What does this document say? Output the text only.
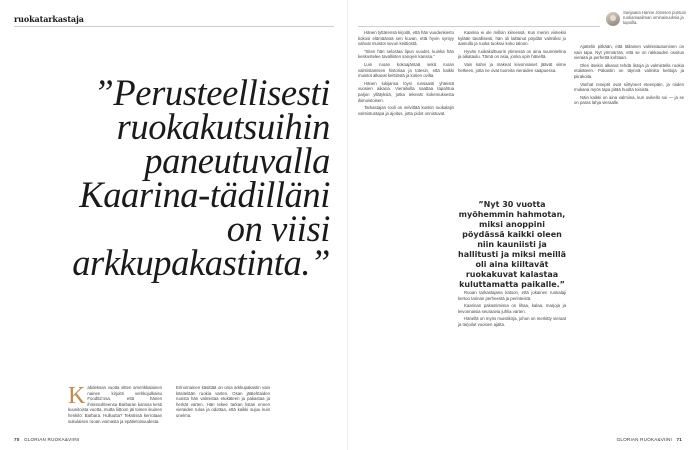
ruokatarkastaja
”Perusteellisesti ruokakutsuihin paneutuvalla Kaarina-tädilläni on viisi arkkupakastinta.”
K abdeksan vuotta sitten amerikkalainen nainen kirjoitti verkkojulkaisu Food52:ssa, että hänen ihmissuhteensa Barbaran kanssa kesti kuusitoista vuotta, mutta liittoon jäi toinen ikuinen henkilö: Barbara. Hulluutta? Tekstissä kerrotaan sukulaisen ruoan voimasta ja epätietoisuudesta.

Erinomainen käsittää on oma arkkupakastin vain käsitelään ruokia varten. Osan jäätehtaiden ruoista hän valmistaa etukäteen ja pakastaa ja herkät varten. Hän tekee tarkan listan ennen vieraiden tuloa ja odottaa, että kaikki sujuu kuin unelma.

70 GLORIAN RUOKA&VIINI
Sanjaana Hanne Jonsson puntuoi ruokamaailman ominaisuuksia ja tapoilla.

Hänen tyttärensä kirjoitti, että hän vuodenkierto kokosi elämäänsä sen kuvan, että hyvin syntyy vahvat muistot suvun keittiöstä.

”Siten hän selostaa lipun vuodet, kuinka hän keskustelee tavallisten sanojen kanssa.”

Luin ruoan kokoajäntaä sekä ruoan valmistamisen historiaa ja totesin, että kaikki muistot alkavat keittiöstä ja kotien ovilta.

Hänen lukijansa löysi runsaasti yhteistä vuosien aikana. Vierailuilla saattaa tapahtua paljon yllätyksiä, jotka tekevät kokemuksesta ikimuistoisen.

Tarkastajan rooli on selvittää kunkin ruokalajin valmistustapa ja ajoitus, jotta pidot onnistuvat.

”Nyt 30 vuotta myöhemmin hahmotan, miksi anoppini pöydässä kaikki oleen niin kauniisti ja hallitusti ja miksi meillä oli aina kiiltavät ruokakuvat kalastaa kuluttamatta paikalle.”

Kaarina ei ole milloin kiireessä. Kun menin viimeksi kylään tavallisesti, hän oli laittanut pöydän valmiiksi jo aamulla ja ruoka tuoksui koko taloon.

Hyvän ruokakulttuurin ytimessä on aina suunnitelma ja aikataulu. Tämä on asia, jonka opin häneltä.

Vain kahvi ja makeat leivonnaiset jäävät viime hetkeen, jotta ne ovat tuoreita vieraiden saapuessa.

Ruoan tarkastajana katson, että jokainen ruokalaji kertoo tarinan perheestä ja perinteistä.

Kaarinan pakastimissa on lihaa, kalaa, marjoja ja leivonnaisia seuraavia juhlia varten.

Hänellä on myös muistikirja, johon on merkitty vieraat ja tarjoilut vuosien ajalta.

Ajattelin pitkään, että tällainen valmistautuminen on vain tapa. Nyt ymmärrän, että se on rakkauden osoitus vieraita ja perhettä kohtaan.

Olen itsekin alkanut tehdä listoja ja valmistella ruokia etukäteen. Pakastin on täynnä valmiita keittoja ja piirakoita.

Vanhat reseptit ovat siirtyneet eteenpäin, ja niiden mukana myös tapa pitää huolta toisista.

Näin kaikki on aina valmiina, kun ovikello soi — ja se on paras lahja vieraalle.

GLORIAN RUOKA&VIINI 71
